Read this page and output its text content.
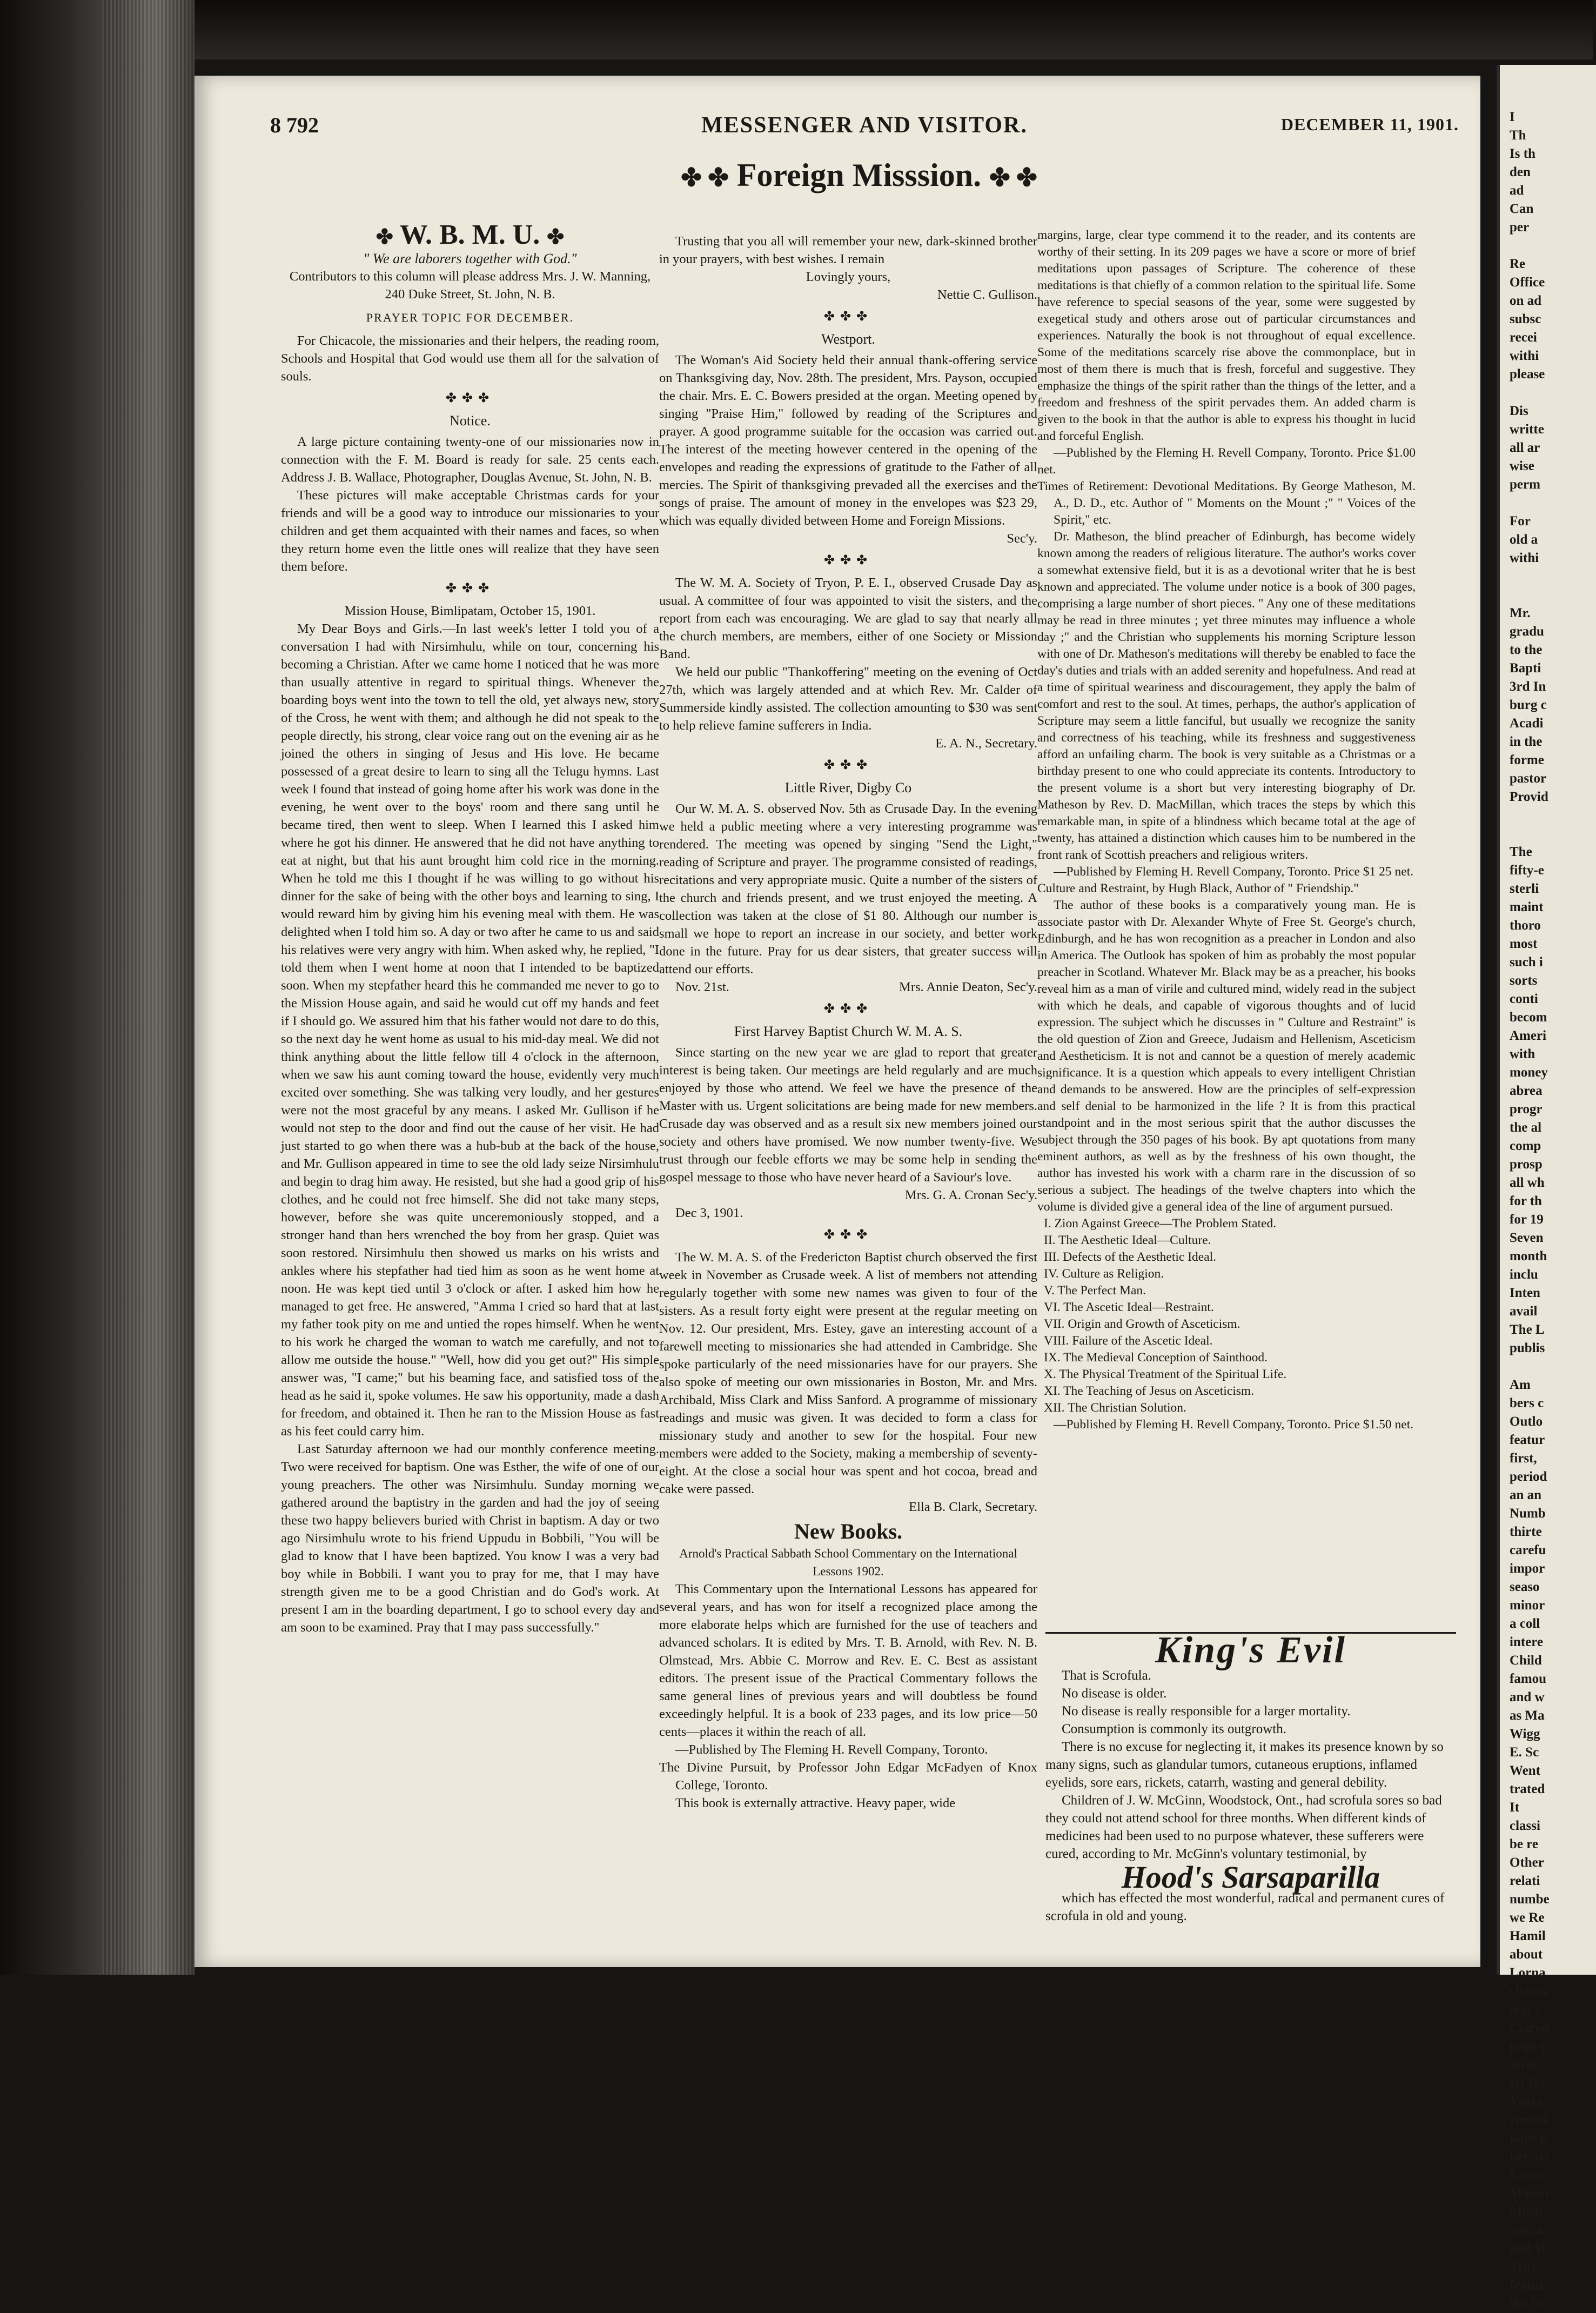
8 792	MESSENGER AND VISITOR.	DECEMBER 11, 1901.
✤ ✤ Foreign Misssion. ✤ ✤
✤ W. B. M. U. ✤
" We are laborers together with God."

Contributors to this column will please address Mrs. J. W. Manning, 240 Duke Street, St. John, N. B.

PRAYER TOPIC FOR DECEMBER.

For Chicacole, the missionaries and their helpers, the reading room, Schools and Hospital that God would use them all for the salvation of souls.

✤✤✤
Notice.

A large picture containing twenty-one of our missionaries now in connection with the F. M. Board is ready for sale. 25 cents each. Address J. B. Wallace, Photographer, Douglas Avenue, St. John, N. B.

These pictures will make acceptable Christmas cards for your friends and will be a good way to introduce our missionaries to your children and get them acquainted with their names and faces, so when they return home even the little ones will realize that they have seen them before.

✤✤✤

Mission House, Bimlipatam, October 15, 1901.

My Dear Boys and Girls.—In last week's letter I told you of a conversation I had with Nirsimhulu, while on tour, concerning his becoming a Christian. After we came home I noticed that he was more than usually attentive in regard to spiritual things. Whenever the boarding boys went into the town to tell the old, yet always new, story of the Cross, he went with them; and although he did not speak to the people directly, his strong, clear voice rang out on the evening air as he joined the others in singing of Jesus and His love. He became possessed of a great desire to learn to sing all the Telugu hymns. Last week I found that instead of going home after his work was done in the evening, he went over to the boys' room and there sang until he became tired, then went to sleep. When I learned this I asked him where he got his dinner. He answered that he did not have anything to eat at night, but that his aunt brought him cold rice in the morning. When he told me this I thought if he was willing to go without his dinner for the sake of being with the other boys and learning to sing, I would reward him by giving him his evening meal with them. He was delighted when I told him so. A day or two after he came to us and said his relatives were very angry with him. When asked why, he replied, "I told them when I went home at noon that I intended to be baptized soon. When my stepfather heard this he commanded me never to go to the Mission House again, and said he would cut off my hands and feet if I should go. We assured him that his father would not dare to do this, so the next day he went home as usual to his mid-day meal. We did not think anything about the little fellow till 4 o'clock in the afternoon, when we saw his aunt coming toward the house, evidently very much excited over something. She was talking very loudly, and her gestures were not the most graceful by any means. I asked Mr. Gullison if he would not step to the door and find out the cause of her visit. He had just started to go when there was a hub-bub at the back of the house, and Mr. Gullison appeared in time to see the old lady seize Nirsimhulu and begin to drag him away. He resisted, but she had a good grip of his clothes, and he could not free himself. She did not take many steps, however, before she was quite unceremoniously stopped, and a stronger hand than hers wrenched the boy from her grasp. Quiet was soon restored. Nirsimhulu then showed us marks on his wrists and ankles where his stepfather had tied him as soon as he went home at noon. He was kept tied until 3 o'clock or after. I asked him how he managed to get free. He answered, "Amma I cried so hard that at last my father took pity on me and untied the ropes himself. When he went to his work he charged the woman to watch me carefully, and not to allow me outside the house." "Well, how did you get out?" His simple answer was, "I came;" but his beaming face, and satisfied toss of the head as he said it, spoke volumes. He saw his opportunity, made a dash for freedom, and obtained it. Then he ran to the Mission House as fast as his feet could carry him.

Last Saturday afternoon we had our monthly conference meeting. Two were received for baptism. One was Esther, the wife of one of our young preachers. The other was Nirsimhulu. Sunday morning we gathered around the baptistry in the garden and had the joy of seeing these two happy believers buried with Christ in baptism. A day or two ago Nirsimhulu wrote to his friend Uppudu in Bobbili, "You will be glad to know that I have been baptized. You know I was a very bad boy while in Bobbili. I want you to pray for me, that I may have strength given me to be a good Christian and do God's work. At present I am in the boarding department, I go to school every day and am soon to be examined. Pray that I may pass successfully."

Trusting that you all will remember your new, dark-skinned brother in your prayers, with best wishes. I remain

Lovingly yours,

Nettie C. Gullison.

✤✤✤
Westport.

The Woman's Aid Society held their annual thank-offering service on Thanksgiving day, Nov. 28th. The president, Mrs. Payson, occupied the chair. Mrs. E. C. Bowers presided at the organ. Meeting opened by singing "Praise Him," followed by reading of the Scriptures and prayer. A good programme suitable for the occasion was carried out. The interest of the meeting however centered in the opening of the envelopes and reading the expressions of gratitude to the Father of all mercies. The Spirit of thanksgiving prevaded all the exercises and the songs of praise. The amount of money in the envelopes was $23 29, which was equally divided between Home and Foreign Missions.

Sec'y.

✤✤✤

The W. M. A. Society of Tryon, P. E. I., observed Crusade Day as usual. A committee of four was appointed to visit the sisters, and the report from each was encouraging. We are glad to say that nearly all the church members, are members, either of one Society or Mission Band.

We held our public "Thankoffering" meeting on the evening of Oct 27th, which was largely attended and at which Rev. Mr. Calder of Summerside kindly assisted. The collection amounting to $30 was sent to help relieve famine sufferers in India.

E. A. N., Secretary.

✤✤✤
Little River, Digby Co

Our W. M. A. S. observed Nov. 5th as Crusade Day. In the evening we held a public meeting where a very interesting programme was rendered. The meeting was opened by singing "Send the Light," reading of Scripture and prayer. The programme consisted of readings, recitations and very appropriate music. Quite a number of the sisters of the church and friends present, and we trust enjoyed the meeting. A collection was taken at the close of $1 80. Although our number is small we hope to report an increase in our society, and better work done in the future. Pray for us dear sisters, that greater success will attend our efforts.

Nov. 21st.	Mrs. Annie Deaton, Sec'y.

✤✤✤
First Harvey Baptist Church W. M. A. S.

Since starting on the new year we are glad to report that greater interest is being taken. Our meetings are held regularly and are much enjoyed by those who attend. We feel we have the presence of the Master with us. Urgent solicitations are being made for new members. Crusade day was observed and as a result six new members joined our society and others have promised. We now number twenty-five. We trust through our feeble efforts we may be some help in sending the gospel message to those who have never heard of a Saviour's love.

Mrs. G. A. Cronan Sec'y.

Dec 3, 1901.

✤✤✤

The W. M. A. S. of the Fredericton Baptist church observed the first week in November as Crusade week. A list of members not attending regularly together with some new names was given to four of the sisters. As a result forty eight were present at the regular meeting on Nov. 12. Our president, Mrs. Estey, gave an interesting account of a farewell meeting to missionaries she had attended in Cambridge. She spoke particularly of the need missionaries have for our prayers. She also spoke of meeting our own missionaries in Boston, Mr. and Mrs. Archibald, Miss Clark and Miss Sanford. A programme of missionary readings and music was given. It was decided to form a class for missionary study and another to sew for the hospital. Four new members were added to the Society, making a membership of seventy-eight. At the close a social hour was spent and hot cocoa, bread and cake were passed.

Ella B. Clark, Secretary.

New Books.

Arnold's Practical Sabbath School Commentary on the International Lessons 1902.

This Commentary upon the International Lessons has appeared for several years, and has won for itself a recognized place among the more elaborate helps which are furnished for the use of teachers and advanced scholars. It is edited by Mrs. T. B. Arnold, with Rev. N. B. Olmstead, Mrs. Abbie C. Morrow and Rev. E. C. Best as assistant editors. The present issue of the Practical Commentary follows the same general lines of previous years and will doubtless be found exceedingly helpful. It is a book of 233 pages, and its low price—50 cents—places it within the reach of all.

—Published by The Fleming H. Revell Company, Toronto.

The Divine Pursuit, by Professor John Edgar McFadyen of Knox College, Toronto.

This book is externally attractive. Heavy paper, wide

margins, large, clear type commend it to the reader, and its contents are worthy of their setting. In its 209 pages we have a score or more of brief meditations upon passages of Scripture. The coherence of these meditations is that chiefly of a common relation to the spiritual life. Some have reference to special seasons of the year, some were suggested by exegetical study and others arose out of particular circumstances and experiences. Naturally the book is not throughout of equal excellence. Some of the meditations scarcely rise above the commonplace, but in most of them there is much that is fresh, forceful and suggestive. They emphasize the things of the spirit rather than the things of the letter, and a freedom and freshness of the spirit pervades them. An added charm is given to the book in that the author is able to express his thought in lucid and forceful English.

—Published by the Fleming H. Revell Company, Toronto. Price $1.00 net.

Times of Retirement: Devotional Meditations. By George Matheson, M. A., D. D., etc. Author of " Moments on the Mount ;" " Voices of the Spirit," etc.

Dr. Matheson, the blind preacher of Edinburgh, has become widely known among the readers of religious literature. The author's works cover a somewhat extensive field, but it is as a devotional writer that he is best known and appreciated. The volume under notice is a book of 300 pages, comprising a large number of short pieces. " Any one of these meditations may be read in three minutes ; yet three minutes may influence a whole day ;" and the Christian who supplements his morning Scripture lesson with one of Dr. Matheson's meditations will thereby be enabled to face the day's duties and trials with an added serenity and hopefulness. And read at a time of spiritual weariness and discouragement, they apply the balm of comfort and rest to the soul. At times, perhaps, the author's application of Scripture may seem a little fanciful, but usually we recognize the sanity and correctness of his teaching, while its freshness and suggestiveness afford an unfailing charm. The book is very suitable as a Christmas or a birthday present to one who could appreciate its contents. Introductory to the present volume is a short but very interesting biography of Dr. Matheson by Rev. D. MacMillan, which traces the steps by which this remarkable man, in spite of a blindness which became total at the age of twenty, has attained a distinction which causes him to be numbered in the front rank of Scottish preachers and religious writers.

—Published by Fleming H. Revell Company, Toronto. Price $1 25 net.

Culture and Restraint, by Hugh Black, Author of " Friendship."

The author of these books is a comparatively young man. He is associate pastor with Dr. Alexander Whyte of Free St. George's church, Edinburgh, and he has won recognition as a preacher in London and also in America. The Outlook has spoken of him as probably the most popular preacher in Scotland. Whatever Mr. Black may be as a preacher, his books reveal him as a man of virile and cultured mind, widely read in the subject with which he deals, and capable of vigorous thoughts and of lucid expression. The subject which he discusses in " Culture and Restraint" is the old question of Zion and Greece, Judaism and Hellenism, Asceticism and Aestheticism. It is not and cannot be a question of merely academic significance. It is a question which appeals to every intelligent Christian and demands to be answered. How are the principles of self-expression and self denial to be harmonized in the life ? It is from this practical standpoint and in the most serious spirit that the author discusses the subject through the 350 pages of his book. By apt quotations from many eminent authors, as well as by the freshness of his own thought, the author has invested his work with a charm rare in the discussion of so serious a subject. The headings of the twelve chapters into which the volume is divided give a general idea of the line of argument pursued.

I. Zion Against Greece—The Problem Stated.

II. The Aesthetic Ideal—Culture.

III. Defects of the Aesthetic Ideal.

IV. Culture as Religion.

V. The Perfect Man.

VI. The Ascetic Ideal—Restraint.

VII. Origin and Growth of Asceticism.

VIII. Failure of the Ascetic Ideal.

IX. The Medieval Conception of Sainthood.

X. The Physical Treatment of the Spiritual Life.

XI. The Teaching of Jesus on Asceticism.

XII. The Christian Solution.

—Published by Fleming H. Revell Company, Toronto. Price $1.50 net.

King's Evil

That is Scrofula.

No disease is older.

No disease is really responsible for a larger mortality.

Consumption is commonly its outgrowth.

There is no excuse for neglecting it, it makes its presence known by so many signs, such as glandular tumors, cutaneous eruptions, inflamed eyelids, sore ears, rickets, catarrh, wasting and general debility.

Children of J. W. McGinn, Woodstock, Ont., had scrofula sores so bad they could not attend school for three months. When different kinds of medicines had been used to no purpose whatever, these sufferers were cured, according to Mr. McGinn's voluntary testimonial, by

Hood's Sarsaparilla

which has effected the most wonderful, radical and permanent cures of scrofula in old and young.

I
Th
Is th
den
ad
Can
per

Re
Office
on ad
subsc
recei
withi
please

Dis
writte
all ar
wise
perm

For
old a
withi

Mr.
gradu
to the
Bapti
3rd In
burg c
Acadi
in the
forme
pastor
Provid

The
fifty-e
sterli
maint
thoro
most
such i
sorts
conti
becom
Ameri
with
money
abrea
progr
the al
comp
prosp
all wh
for th
for 19
Seven
month
inclu
Inten
avail
The L
publis

Am
bers c
Outlo
featur
first,
period
an an
Numb
thirte
carefu
impor
seaso
minor
a coll
intere
Child
famou
and w
as Ma
Wigg
E. Sc
Went
trated
It
classi
be re
Other
relati
numbe
we Re
Hamil
about
Lorna
charm
try; a
Claren
page-p
secon
ett Ha
Years,
remini
page p
ber are
Lucas
Mason
Music
son, a
and W
True
featur
the tw
